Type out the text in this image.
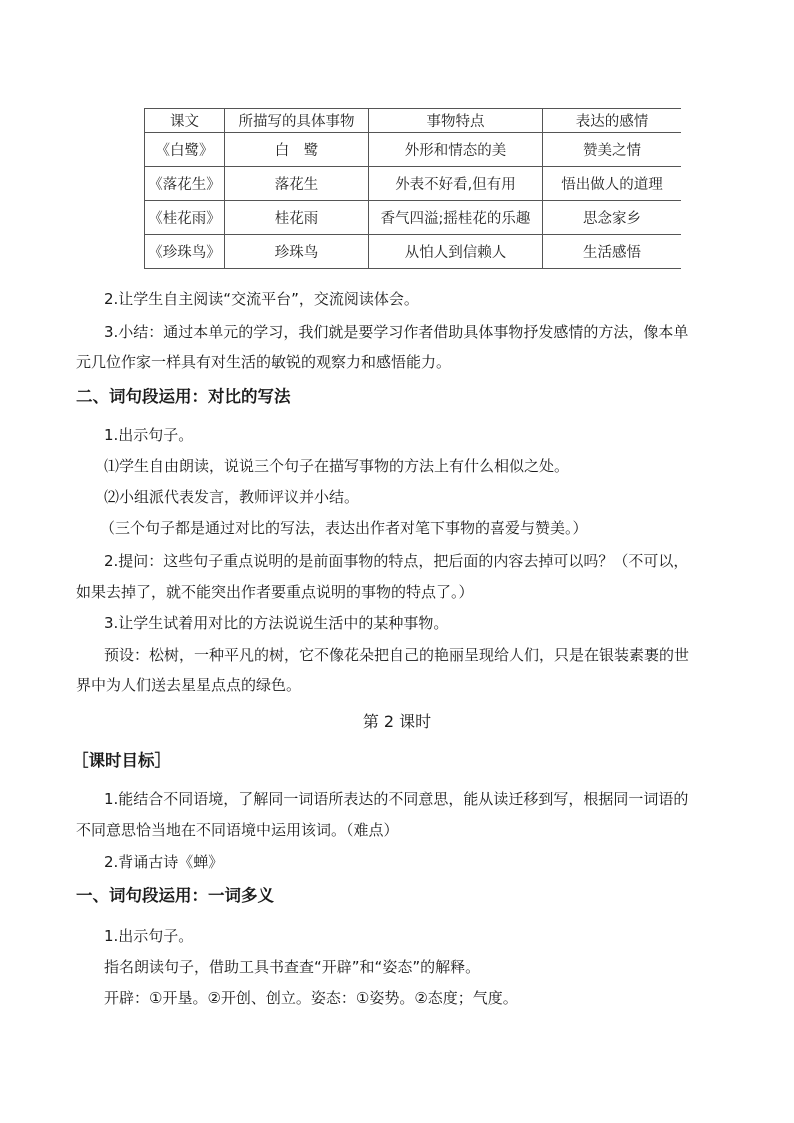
课文	所描写的具体事物	事物特点	表达的感情
《白鹭》	白　鹭	外形和情态的美	赞美之情
《落花生》	落花生	外表不好看,但有用	悟出做人的道理
《桂花雨》	桂花雨	香气四溢;摇桂花的乐趣	思念家乡
《珍珠鸟》	珍珠鸟	从怕人到信赖人	生活感悟
2.让学生自主阅读“交流平台”，交流阅读体会。
3.小结：通过本单元的学习，我们就是要学习作者借助具体事物抒发感情的方法，像本单
元几位作家一样具有对生活的敏锐的观察力和感悟能力。
二、词句段运用：对比的写法
1.出示句子。
⑴学生自由朗读，说说三个句子在描写事物的方法上有什么相似之处。
⑵小组派代表发言，教师评议并小结。
（三个句子都是通过对比的写法，表达出作者对笔下事物的喜爱与赞美。）
2.提问：这些句子重点说明的是前面事物的特点，把后面的内容去掉可以吗？（不可以，
如果去掉了，就不能突出作者要重点说明的事物的特点了。）
3.让学生试着用对比的方法说说生活中的某种事物。
预设：松树，一种平凡的树，它不像花朵把自己的艳丽呈现给人们，只是在银装素裹的世
界中为人们送去星星点点的绿色。
第 2 课时
［课时目标］
1.能结合不同语境，了解同一词语所表达的不同意思，能从读迁移到写，根据同一词语的
不同意思恰当地在不同语境中运用该词。（难点）
2.背诵古诗《蝉》
一、词句段运用：一词多义
1.出示句子。
指名朗读句子，借助工具书查查“开辟”和“姿态”的解释。
开辟：①开垦。②开创、创立。姿态：①姿势。②态度；气度。
